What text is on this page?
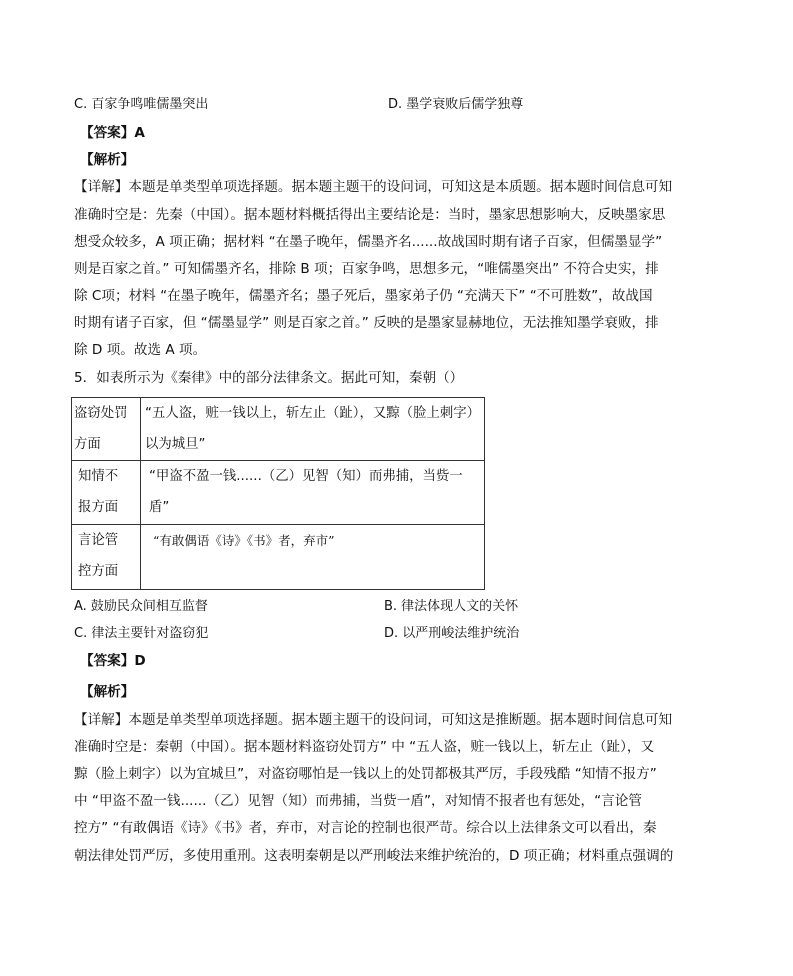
C. 百家争鸣唯儒墨突出	D. 墨学衰败后儒学独尊
【答案】A
【解析】
【详解】本题是单类型单项选择题。据本题主题干的设问词，可知这是本质题。据本题时间信息可知
准确时空是：先秦（中国）。据本题材料概括得出主要结论是：当时，墨家思想影响大，反映墨家思
想受众较多，A 项正确；据材料 “在墨子晚年，儒墨齐名......故战国时期有诸子百家，但儒墨显学”
则是百家之首。” 可知儒墨齐名，排除 B 项；百家争鸣，思想多元，“唯儒墨突出” 不符合史实，排
除 C项；材料 “在墨子晚年，儒墨齐名；墨子死后，墨家弟子仍 “充满天下” “不可胜数”，故战国
时期有诸子百家，但 “儒墨显学” 则是百家之首。” 反映的是墨家显赫地位，无法推知墨学衰败，排
除 D 项。故选 A 项。
5．如表所示为《秦律》中的部分法律条文。据此可知，秦朝（）
盗窃处罚
方面	“五人盗，赃一钱以上，斩左止（趾），又黥（脸上刺字）以为城旦”

知情不
报方面	“甲盗不盈一钱......（乙）见智（知）而弗捕，当赀一盾”

言论管
控方面	“有敢偶语《诗》《书》者，弃市”
A. 鼓励民众间相互监督	B. 律法体现人文的关怀
C. 律法主要针对盗窃犯	D. 以严刑峻法维护统治
【答案】D
【解析】
【详解】本题是单类型单项选择题。据本题主题干的设问词，可知这是推断题。据本题时间信息可知
准确时空是：秦朝（中国）。据本题材料盗窃处罚方” 中 “五人盗，赃一钱以上，斩左止（趾），又
黥（脸上刺字）以为宜城旦”，对盗窃哪怕是一钱以上的处罚都极其严厉，手段残酷 “知情不报方”
中 “甲盗不盈一钱......（乙）见智（知）而弗捕，当赀一盾”，对知情不报者也有惩处，“言论管
控方” “有敢偶语《诗》《书》者，弃市，对言论的控制也很严苛。综合以上法律条文可以看出，秦
朝法律处罚严厉，多使用重刑。这表明秦朝是以严刑峻法来维护统治的，D 项正确；材料重点强调的
